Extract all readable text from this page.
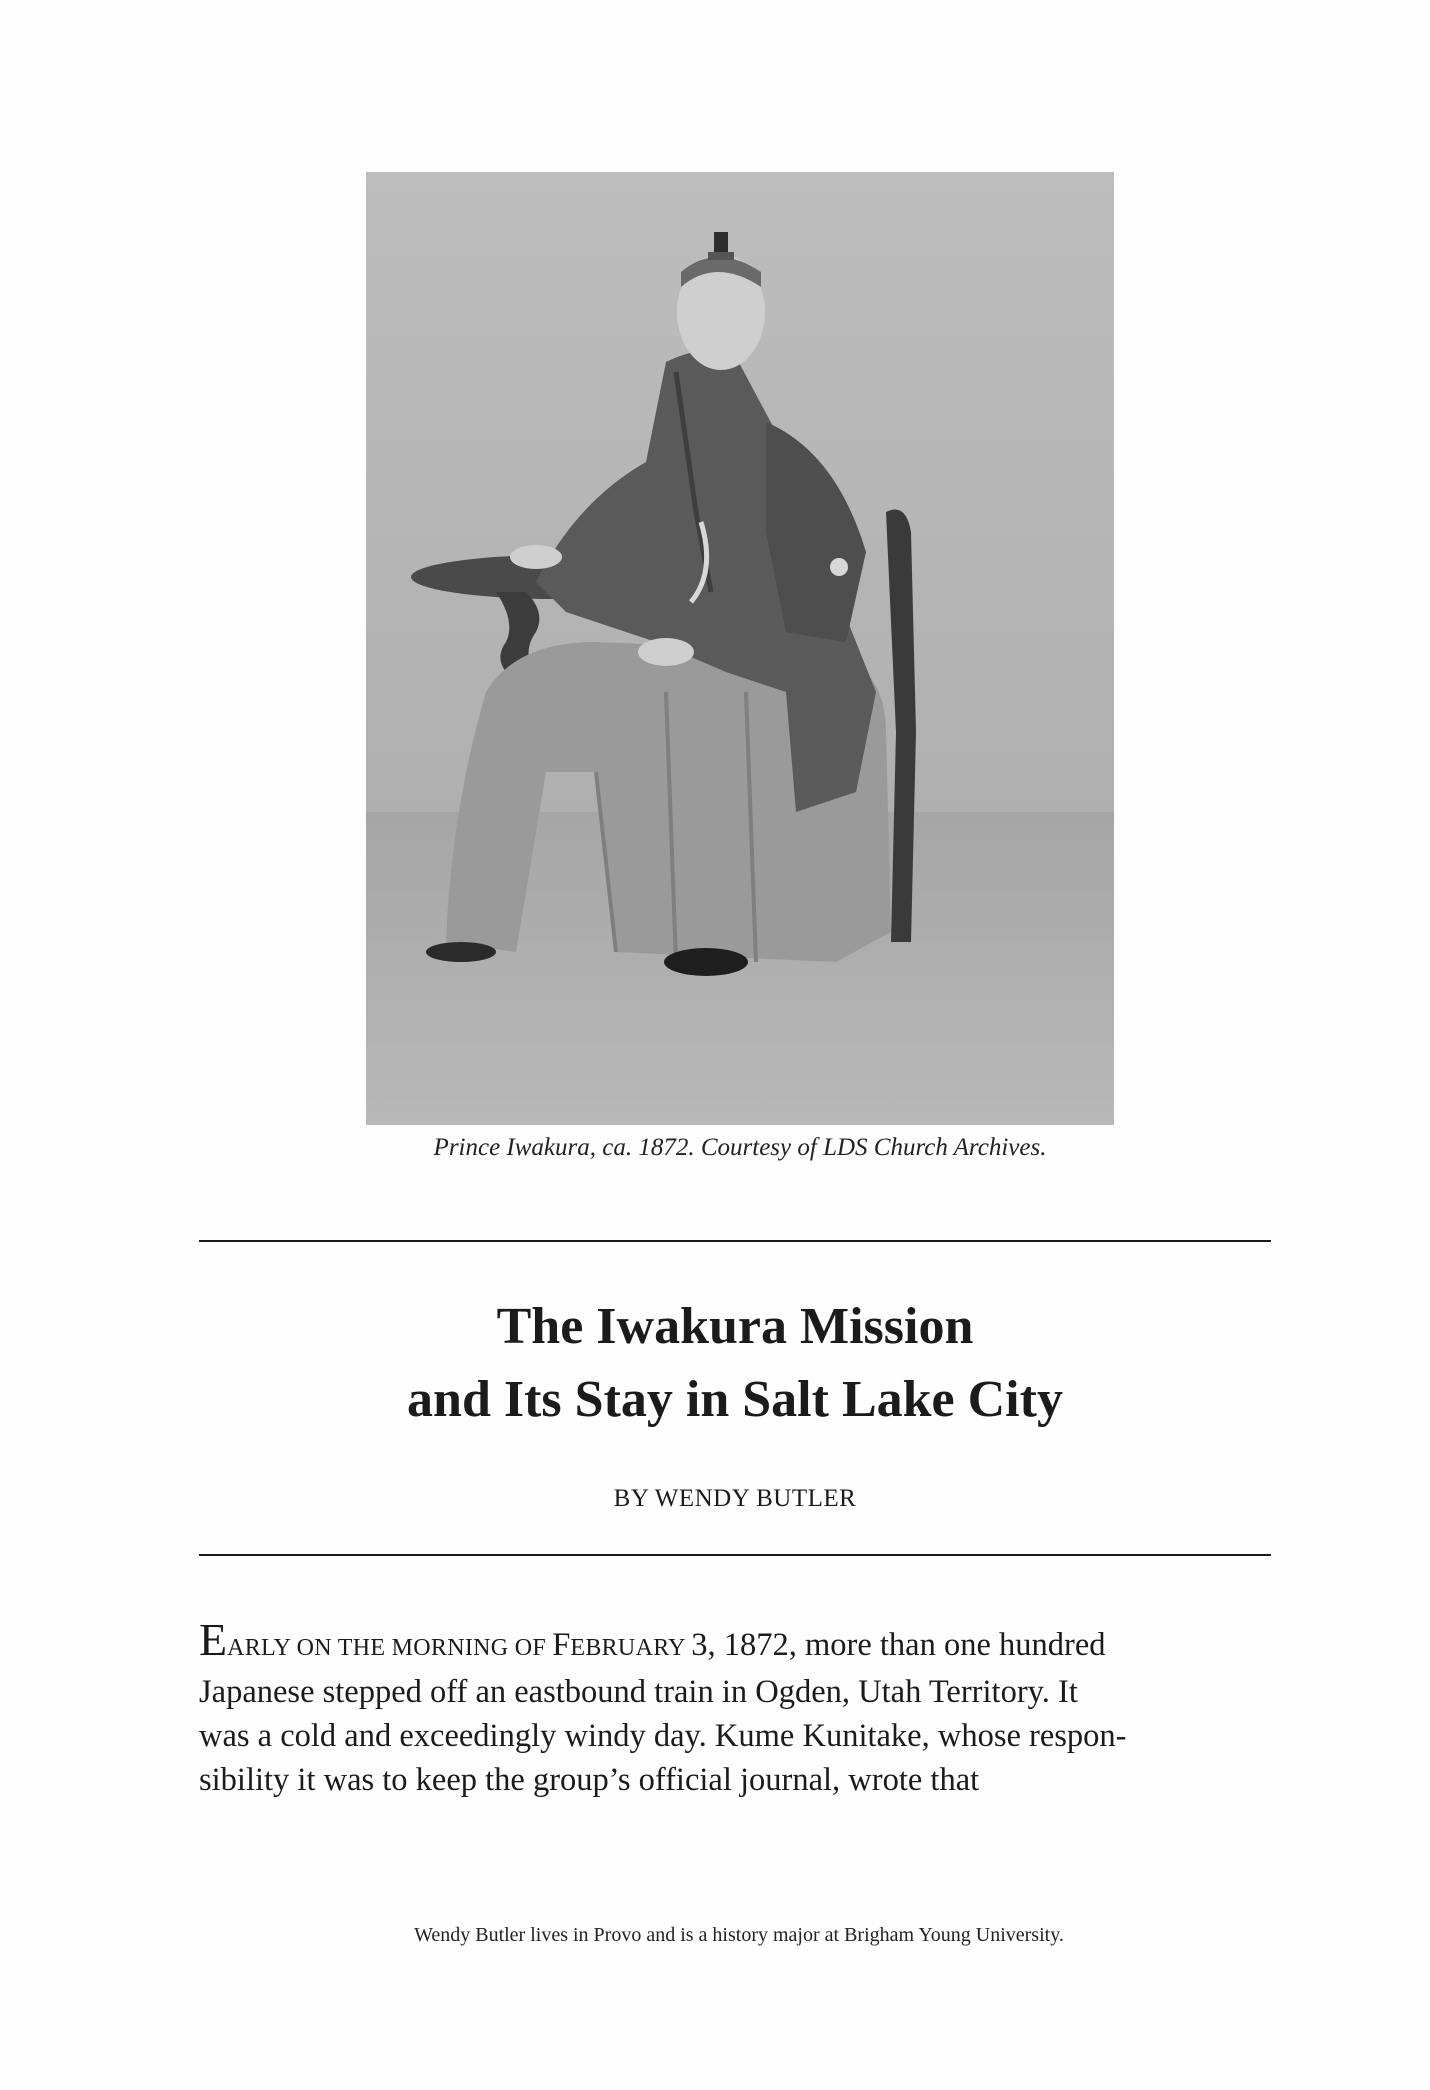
Prince Iwakura, ca. 1872. Courtesy of LDS Church Archives.
The Iwakura Mission
and Its Stay in Salt Lake City
BY WENDY BUTLER
EARLY ON THE MORNING OF FEBRUARY 3, 1872, more than one hundred
Japanese stepped off an eastbound train in Ogden, Utah Territory. It
was a cold and exceedingly windy day. Kume Kunitake, whose respon-
sibility it was to keep the group’s official journal, wrote that
Wendy Butler lives in Provo and is a history major at Brigham Young University.
